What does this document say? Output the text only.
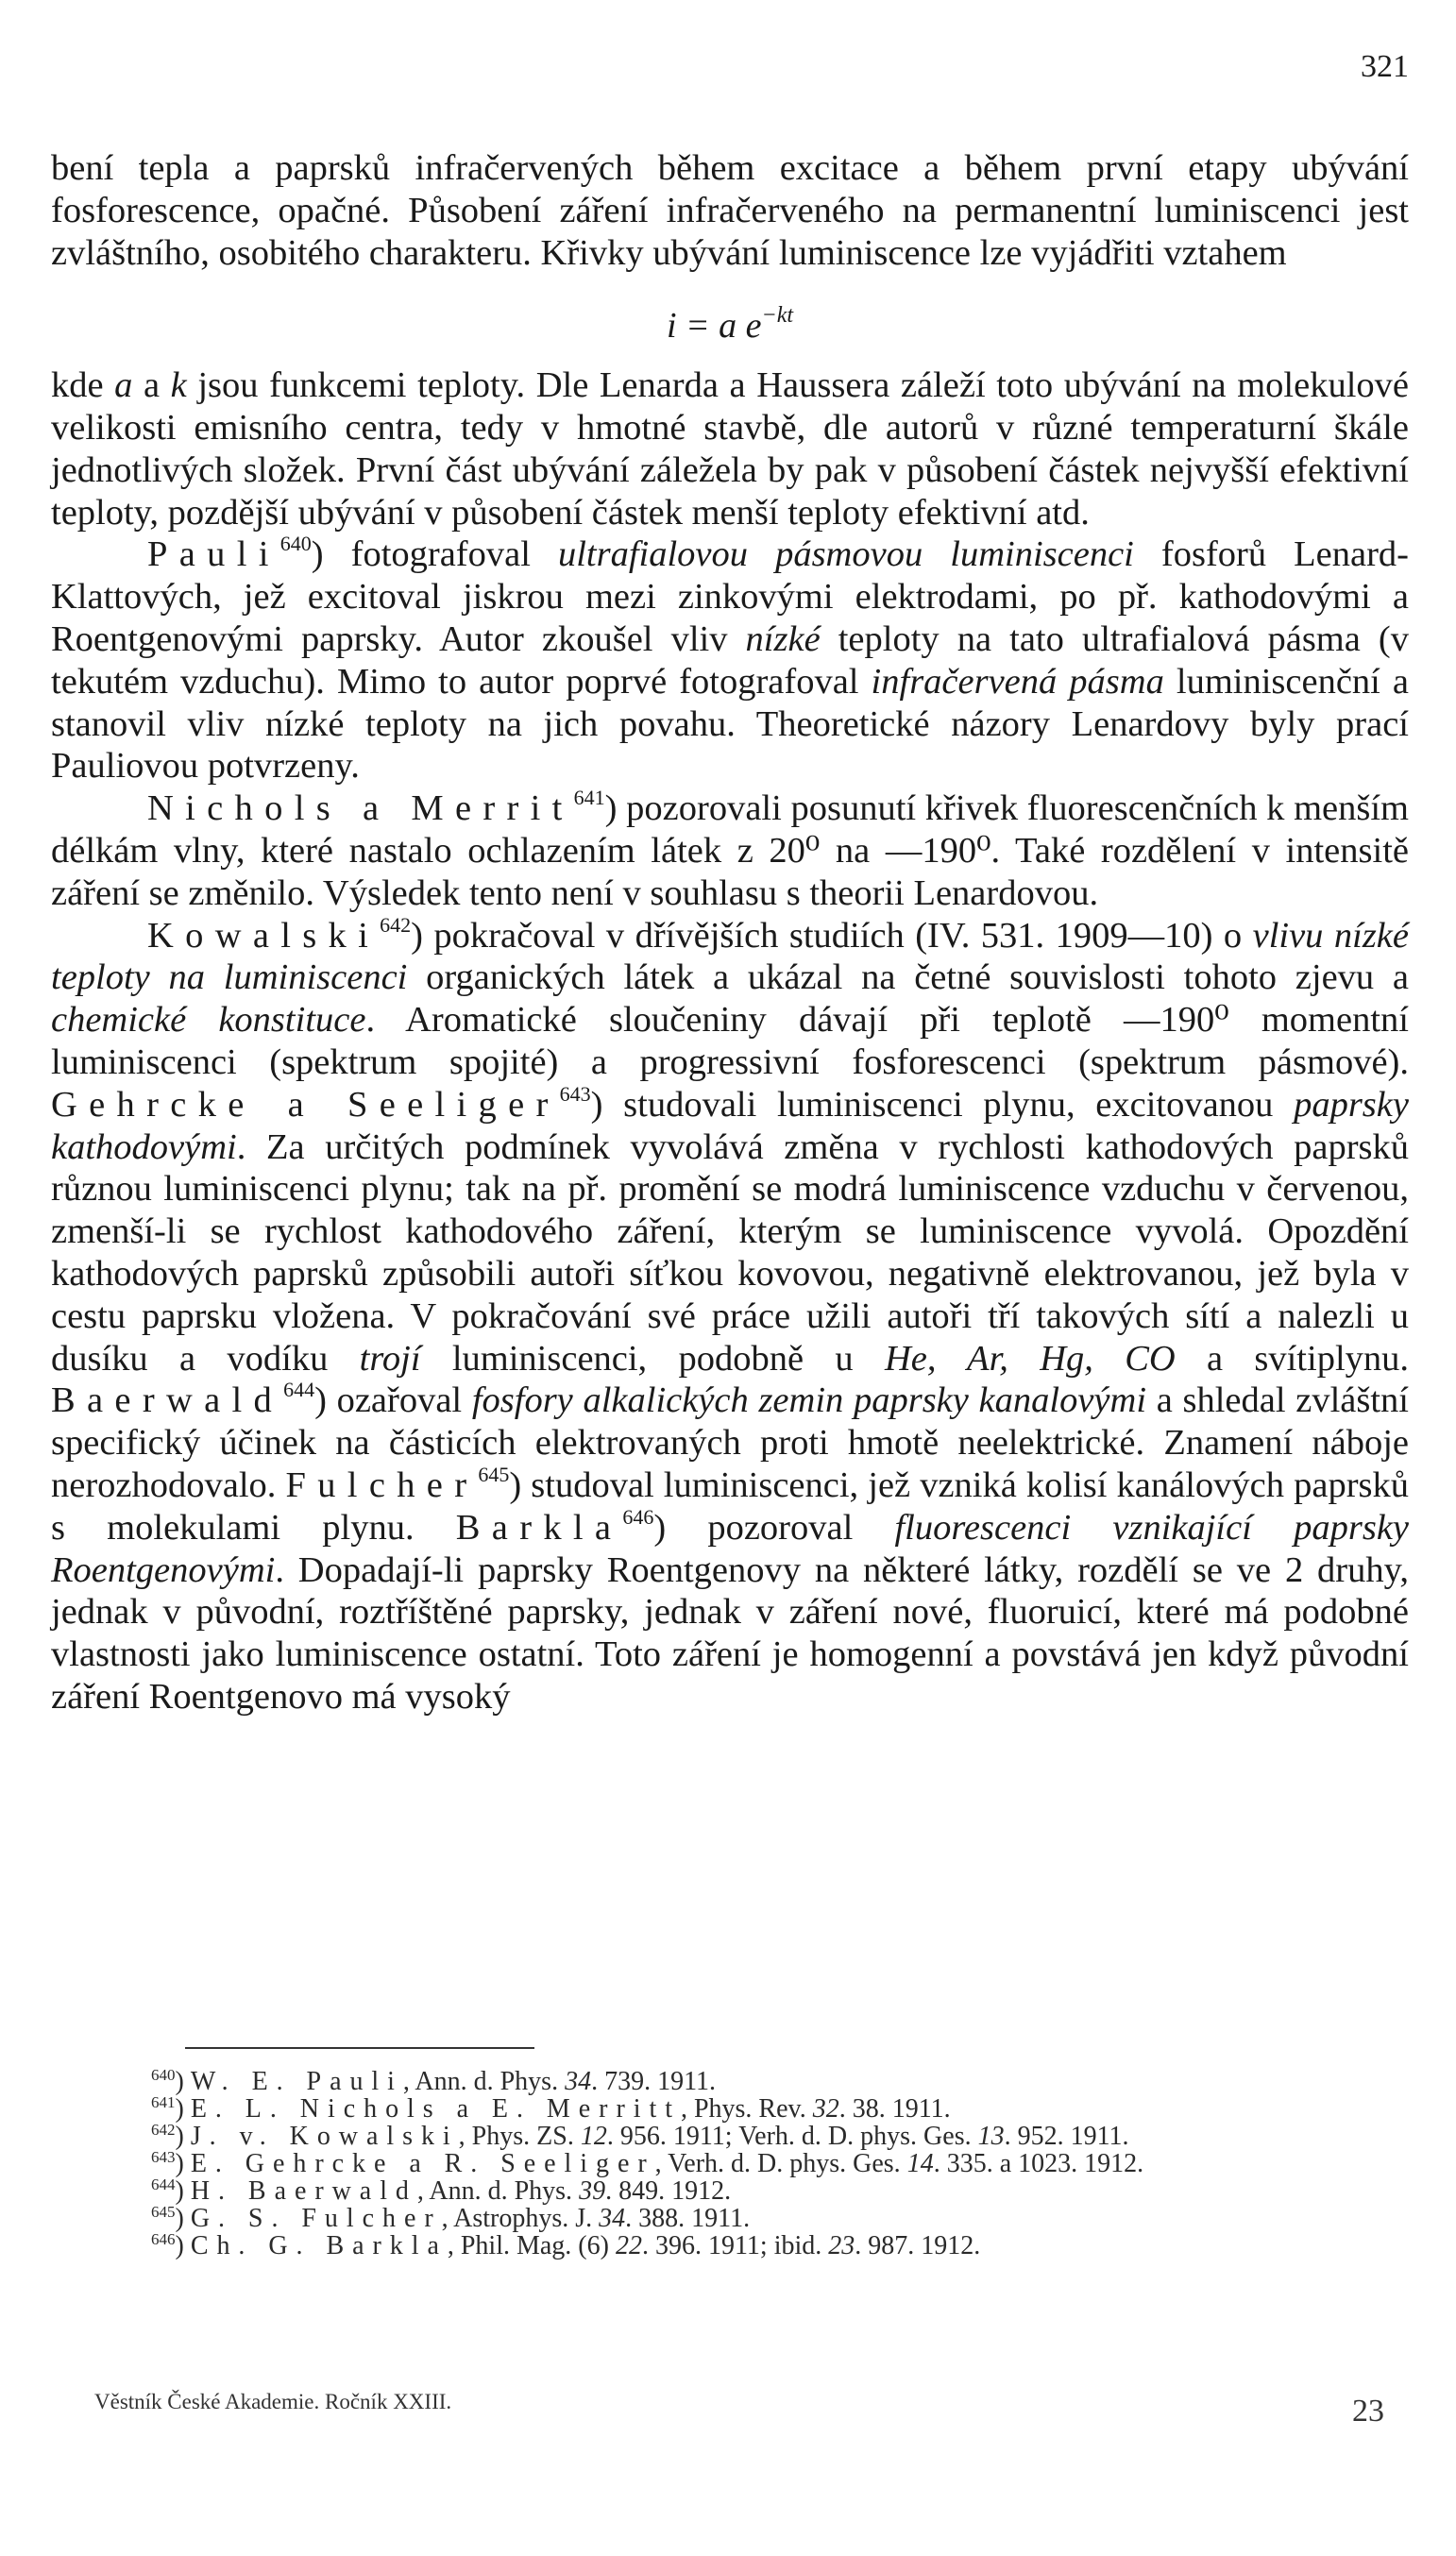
321

bení tepla a paprsků infračervených během excitace a během první etapy ubývání fosforescence, opačné. Působení záření infračerveného na permanentní luminiscenci jest zvláštního, osobitého charakteru. Křivky ubývání luminiscence lze vyjádřiti vztahem

i = a $e^{-kt}$

kde a a k jsou funkcemi teploty. Dle Lenarda a Haussera záleží toto ubývání na molekulové velikosti emisního centra, tedy v hmotné stavbě, dle autorů v různé temperaturní škále jednotlivých složek. První část ubývání záležela by pak v působení částek nejvyšší efektivní teploty, pozdější ubývání v působení částek menší teploty efektivní atd.

Pauli$^{640}$) fotografoval ultrafialovou pásmovou luminiscenci fosforů Lenard-Klattových, jež excitoval jiskrou mezi zinkovými elektrodami, po př. kathodovými a Roentgenovými paprsky. Autor zkoušel vliv nízké teploty na tato ultrafialová pásma (v tekutém vzduchu). Mimo to autor poprvé fotografoval infračervená pásma luminiscenční a stanovil vliv nízké teploty na jich povahu. Theoretické názory Lenardovy byly prací Pauliovou potvrzeny.

Nichols a Merrit$^{641}$) pozorovali posunutí křivek fluorescenčních k menším délkám vlny, které nastalo ochlazením látek z 20⁰ na —190⁰. Také rozdělení v intensitě záření se změnilo. Výsledek tento není v souhlasu s theorii Lenardovou.

Kowalski$^{642}$) pokračoval v dřívějších studiích (IV. 531. 1909—10) o vlivu nízké teploty na luminiscenci organických látek a ukázal na četné souvislosti tohoto zjevu a chemické konstituce. Aromatické sloučeniny dávají při teplotě —190⁰ momentní luminiscenci (spektrum spojité) a progressivní fosforescenci (spektrum pásmové). Gehrcke a Seeliger$^{643}$) studovali luminiscenci plynu, excitovanou paprsky kathodovými. Za určitých podmínek vyvolává změna v rychlosti kathodových paprsků různou luminiscenci plynu; tak na př. promění se modrá luminiscence vzduchu v červenou, zmenší-li se rychlost kathodového záření, kterým se luminiscence vyvolá. Opozdění kathodových paprsků způsobili autoři síťkou kovovou, negativně elektrovanou, jež byla v cestu paprsku vložena. V pokračování své práce užili autoři tří takových sítí a nalezli u dusíku a vodíku trojí luminiscenci, podobně u He, Ar, Hg, CO a svítiplynu. Baerwald$^{644}$) ozařoval fosfory alkalických zemin paprsky kanalovými a shledal zvláštní specifický účinek na částicích elektrovaných proti hmotě neelektrické. Znamení náboje nerozhodovalo. Fulcher$^{645}$) studoval luminiscenci, jež vzniká kolisí kanálových paprsků s molekulami plynu. Barkla$^{646}$) pozoroval fluorescenci vznikající paprsky Roentgenovými. Dopadají-li paprsky Roentgenovy na některé látky, rozdělí se ve 2 druhy, jednak v původní, roztříštěné paprsky, jednak v záření nové, fluoruicí, které má podobné vlastnosti jako luminiscence ostatní. Toto záření je homogenní a povstává jen když původní záření Roentgenovo má vysoký

$^{640}$) W. E. Pauli, Ann. d. Phys. 34. 739. 1911.

$^{641}$) E. L. Nichols a E. Merritt, Phys. Rev. 32. 38. 1911.

$^{642}$) J. v. Kowalski, Phys. ZS. 12. 956. 1911; Verh. d. D. phys. Ges. 13. 952. 1911.

$^{643}$) E. Gehrcke a R. Seeliger, Verh. d. D. phys. Ges. 14. 335. a 1023. 1912.

$^{644}$) H. Baerwald, Ann. d. Phys. 39. 849. 1912.

$^{645}$) G. S. Fulcher, Astrophys. J. 34. 388. 1911.

$^{646}$) Ch. G. Barkla, Phil. Mag. (6) 22. 396. 1911; ibid. 23. 987. 1912.

Věstník České Akademie. Ročník XXIII.	23
